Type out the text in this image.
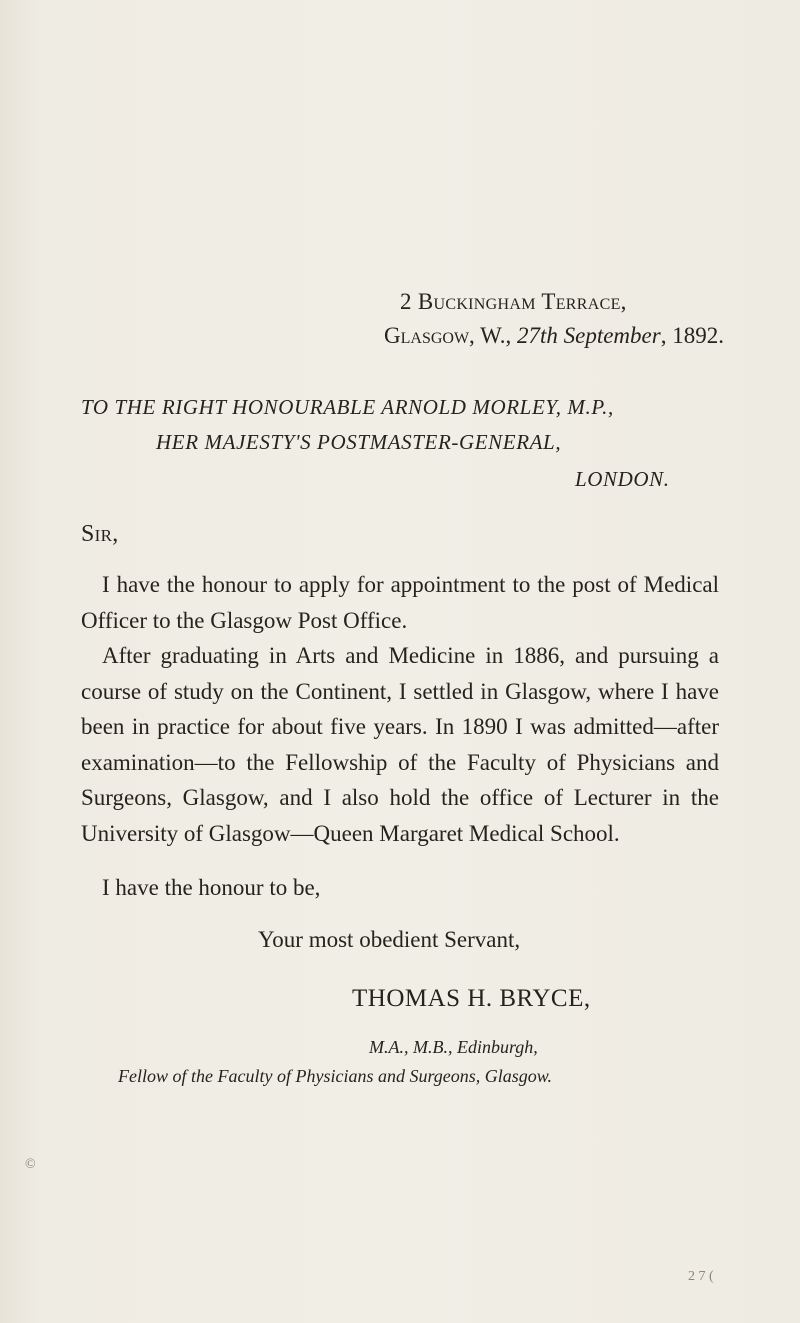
2 Buckingham Terrace,
Glasgow, W., 27th September, 1892.
TO THE RIGHT HONOURABLE ARNOLD MORLEY, M.P.,
HER MAJESTY'S POSTMASTER-GENERAL,
LONDON.
Sir,

I have the honour to apply for appointment to the post of Medical Officer to the Glasgow Post Office.

After graduating in Arts and Medicine in 1886, and pursuing a course of study on the Continent, I settled in Glasgow, where I have been in practice for about five years. In 1890 I was admitted—after examination—to the Fellowship of the Faculty of Physicians and Surgeons, Glasgow, and I also hold the office of Lecturer in the University of Glasgow—Queen Margaret Medical School.

I have the honour to be,
Your most obedient Servant,
THOMAS H. BRYCE,
M.A., M.B., Edinburgh,
Fellow of the Faculty of Physicians and Surgeons, Glasgow.
©
2 7 (
